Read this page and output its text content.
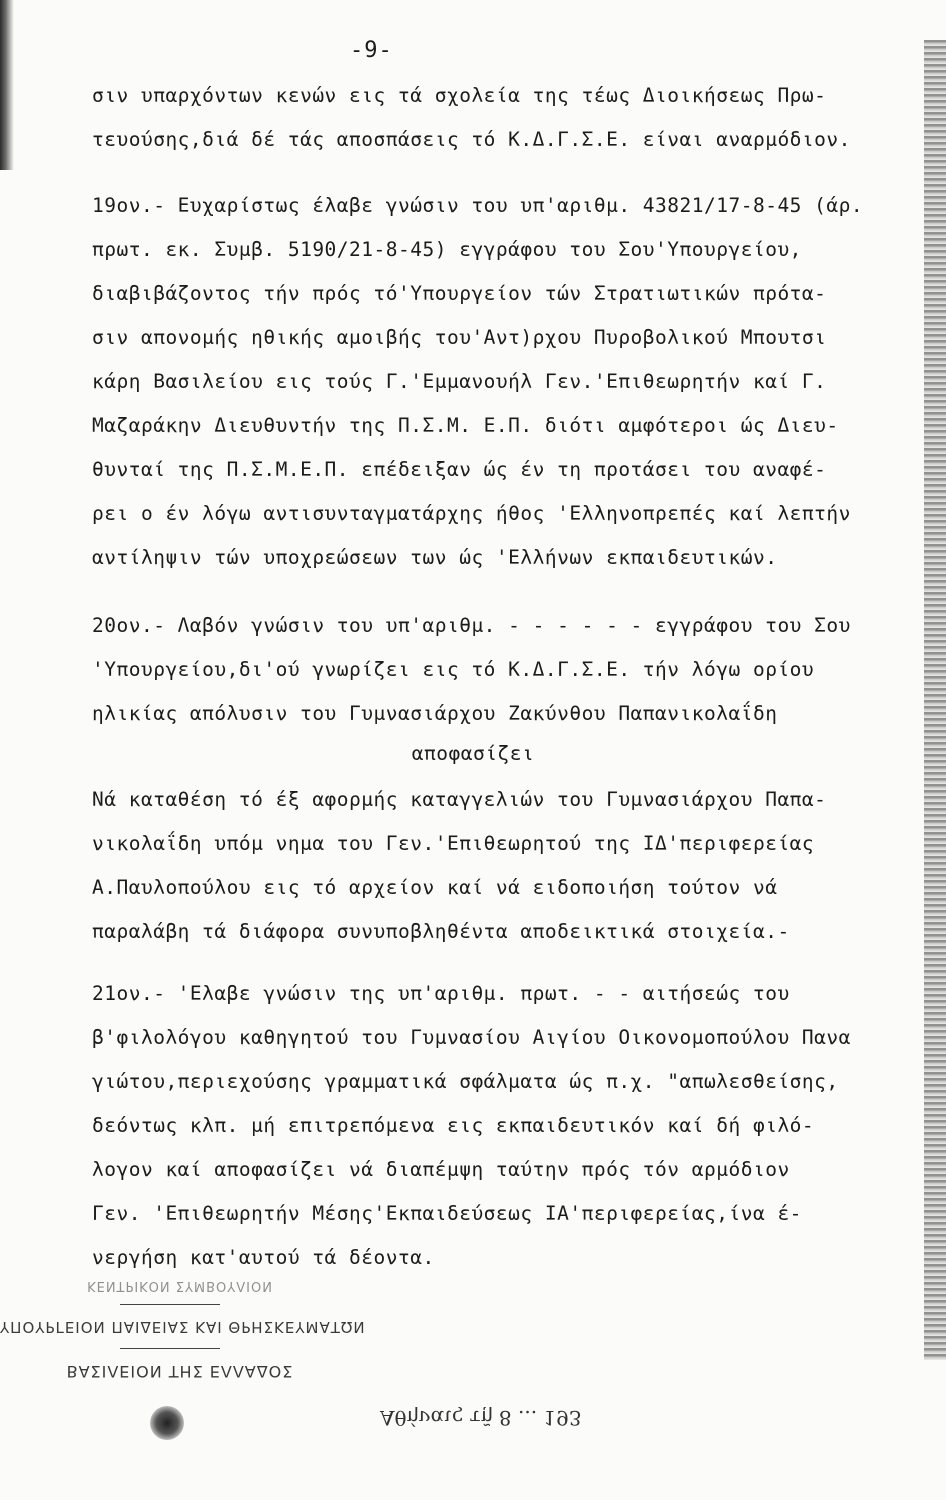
-9-
σιν υπαρχόντων κενών εις τά σχολεία της τέως Διοικήσεως Πρω-
τευούσης,διά δέ τάς αποσπάσεις τό Κ.Δ.Γ.Σ.Ε. είναι αναρμόδιον.
19ον.- Ευχαρίστως έλαβε γνώσιν του υπ'αριθμ. 43821/17-8-45 (άρ.
πρωτ. εκ. Συμβ. 5190/21-8-45) εγγράφου του Σου'Υπουργείου,
διαβιβάζοντος τήν πρός τό'Υπουργείον τών Στρατιωτικών πρότα-
σιν απονομής ηθικής αμοιβής του'Αντ)ρχου Πυροβολικού Μπουτσι
κάρη Βασιλείου εις τούς Γ.'Εμμανουήλ Γεν.'Επιθεωρητήν καί Γ.
Μαζαράκην Διευθυντήν της Π.Σ.Μ. Ε.Π. διότι αμφότεροι ώς Διευ-
θυνταί της Π.Σ.Μ.Ε.Π. επέδειξαν ώς έν τη προτάσει του αναφέ-
ρει ο έν λόγω αντισυνταγματάρχης ήθος 'Ελληνοπρεπές καί λεπτήν
αντίληψιν τών υποχρεώσεων των ώς 'Ελλήνων εκπαιδευτικών.
20ον.- Λαβόν γνώσιν του υπ'αριθμ. - - - - - - εγγράφου του Σου
'Υπουργείου,δι'ού γνωρίζει εις τό Κ.Δ.Γ.Σ.Ε. τήν λόγω ορίου
ηλικίας απόλυσιν του Γυμνασιάρχου Ζακύνθου Παπανικολαΐδη
αποφασίζει
Νά καταθέση τό έξ αφορμής καταγγελιών του Γυμνασιάρχου Παπα-
νικολαΐδη υπόμ νημα του Γεν.'Επιθεωρητού της ΙΔ'περιφερείας
Α.Παυλοπούλου εις τό αρχείον καί νά ειδοποιήση τούτον νά
παραλάβη τά διάφορα συνυποβληθέντα αποδεικτικά στοιχεία.-
21ον.- 'Ελαβε γνώσιν της υπ'αριθμ. πρωτ. - - αιτήσεώς του
β'φιλολόγου καθηγητού του Γυμνασίου Αιγίου Οικονομοπούλου Πανα
γιώτου,περιεχούσης γραμματικά σφάλματα ώς π.χ. "απωλεσθείσης,
δεόντως κλπ. μή επιτρεπόμενα εις εκπαιδευτικόν καί δή φιλό-
λογον καί αποφασίζει νά διαπέμψη ταύτην πρός τόν αρμόδιον
Γεν. 'Επιθεωρητήν Μέσης'Εκπαιδεύσεως ΙΑ'περιφερείας,ίνα έ-
νεργήση κατ'αυτού τά δέοντα.
ΚΕΝΤΡΙΚΟΝ ΣΥΜΒΟΥΛΙΟΝ
ΥΠΟΥΡΓΕΙΟΝ ΠΑΙΔΕΙΑΣ ΚΑΙ ΘΡΗΣΚΕΥΜΑΤΩΝ
ΒΑΣΙΛΕΙΟΝ ΤΗΣ ΕΛΛΑΔΟΣ
Αθήναις τῇ 8 ... 193
